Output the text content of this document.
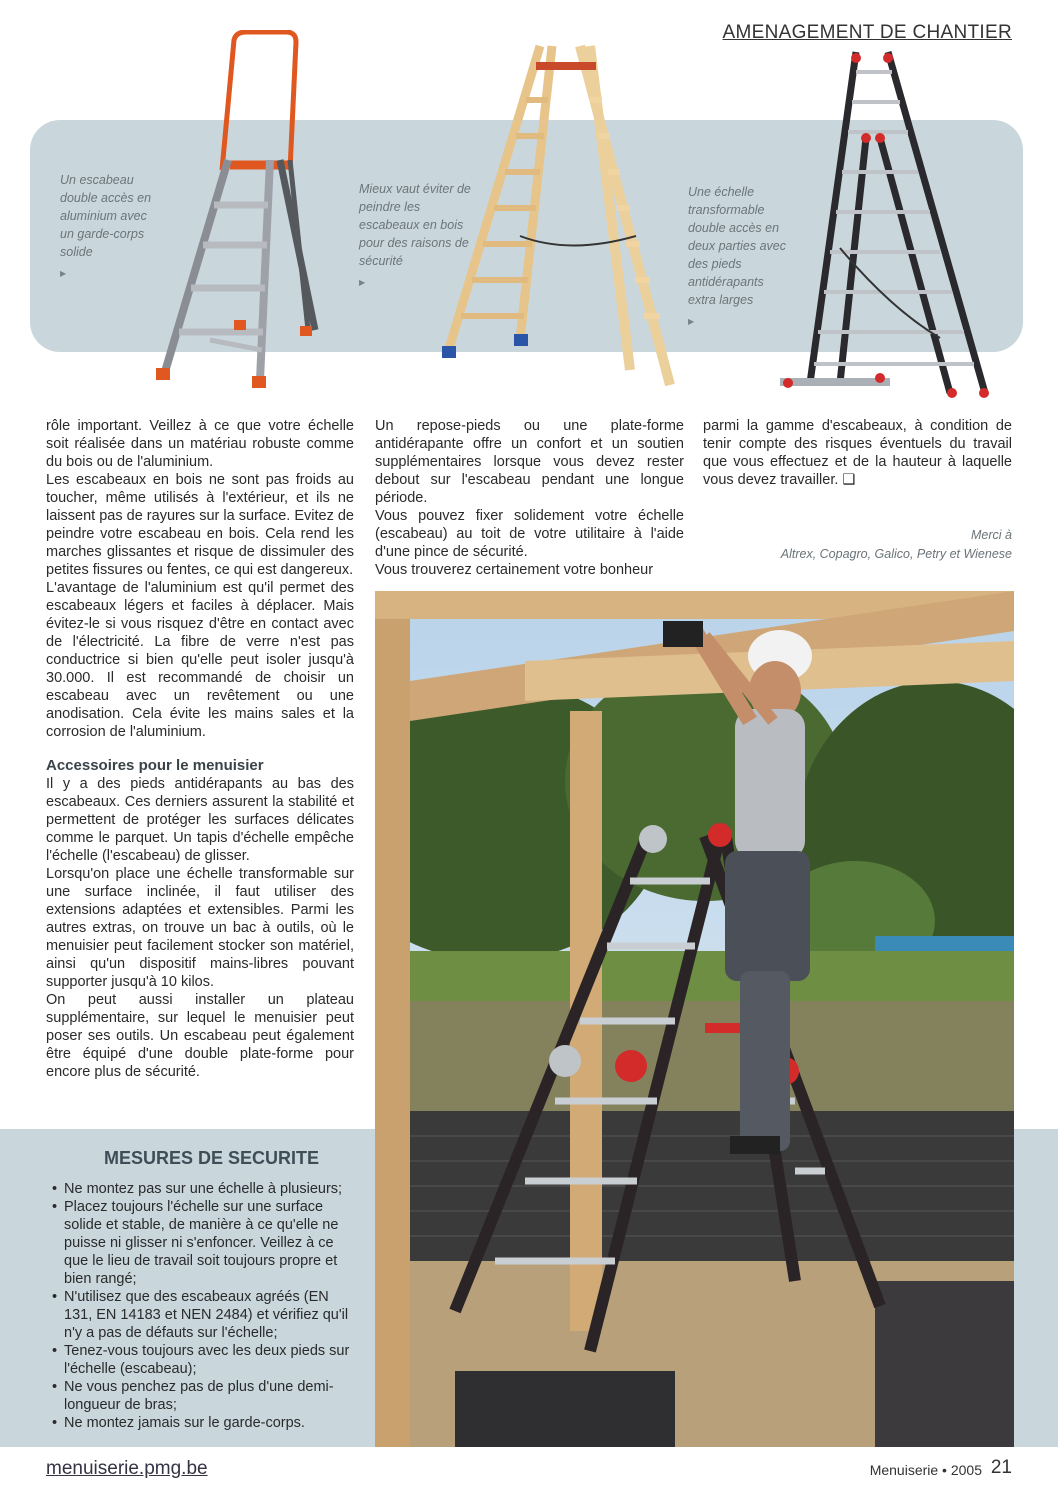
AMENAGEMENT DE CHANTIER
Un escabeau double accès en aluminium avec un garde-corps solide
▶
Mieux vaut éviter de peindre les escabeaux en bois pour des raisons de sécurité
▶
Une échelle transformable double accès en deux parties avec des pieds antidérapants extra larges
▶

rôle important. Veillez à ce que votre échelle soit réalisée dans un matériau robuste comme du bois ou de l'aluminium.

Les escabeaux en bois ne sont pas froids au toucher, même utilisés à l'extérieur, et ils ne laissent pas de rayures sur la surface. Evitez de peindre votre escabeau en bois. Cela rend les marches glissantes et risque de dissimuler des petites fissures ou fentes, ce qui est dangereux.

L'avantage de l'aluminium est qu'il permet des escabeaux légers et faciles à déplacer. Mais évitez-le si vous risquez d'être en contact avec de l'électricité. La fibre de verre n'est pas conductrice si bien qu'elle peut isoler jusqu'à 30.000. Il est recommandé de choisir un escabeau avec un revêtement ou une anodisation. Cela évite les mains sales et la corrosion de l'aluminium.

Accessoires pour le menuisier

Il y a des pieds antidérapants au bas des escabeaux. Ces derniers assurent la stabilité et permettent de protéger les surfaces délicates comme le parquet. Un tapis d'échelle empêche l'échelle (l'escabeau) de glisser.

Lorsqu'on place une échelle transformable sur une surface inclinée, il faut utiliser des extensions adaptées et extensibles. Parmi les autres extras, on trouve un bac à outils, où le menuisier peut facilement stocker son matériel, ainsi qu'un dispositif mains-libres pouvant supporter jusqu'à 10 kilos.

On peut aussi installer un plateau supplémentaire, sur lequel le menuisier peut poser ses outils. Un escabeau peut également être équipé d'une double plate-forme pour encore plus de sécurité.

Un repose-pieds ou une plate-forme antidérapante offre un confort et un soutien supplémentaires lorsque vous devez rester debout sur l'escabeau pendant une longue période.

Vous pouvez fixer solidement votre échelle (escabeau) au toit de votre utilitaire à l'aide d'une pince de sécurité.

Vous trouverez certainement votre bonheur

parmi la gamme d'escabeaux, à condition de tenir compte des risques éventuels du travail que vous effectuez et de la hauteur à laquelle vous devez travailler. ❑

Merci à
Altrex, Copagro, Galico, Petry et Wienese
MESURES DE SECURITE
• Ne montez pas sur une échelle à plusieurs;
• Placez toujours l'échelle sur une surface solide et stable, de manière à ce qu'elle ne puisse ni glisser ni s'enfoncer. Veillez à ce que le lieu de travail soit toujours propre et bien rangé;
• N'utilisez que des escabeaux agréés (EN 131, EN 14183 et NEN 2484) et vérifiez qu'il n'y a pas de défauts sur l'échelle;
• Tenez-vous toujours avec les deux pieds sur l'échelle (escabeau);
• Ne vous penchez pas de plus d'une demi-longueur de bras;
• Ne montez jamais sur le garde-corps.
menuiserie.pmg.be	Menuiserie • 2005 21
